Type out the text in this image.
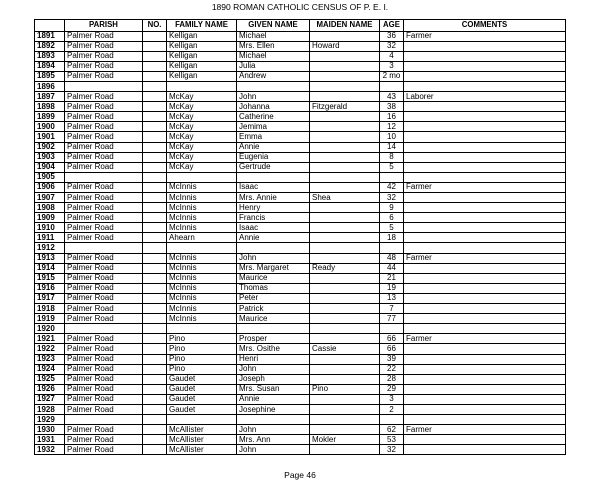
1890 ROMAN CATHOLIC CENSUS OF P. E. I.
	PARISH	NO.	FAMILY NAME	GIVEN NAME	MAIDEN NAME	AGE	COMMENTS
1891	Palmer Road		Kelligan	Michael		36	Farmer
1892	Palmer Road		Kelligan	Mrs. Ellen	Howard	32	
1893	Palmer Road		Kelligan	Michael		4	
1894	Palmer Road		Kelligan	Julia		3	
1895	Palmer Road		Kelligan	Andrew		2 mo	
1896							
1897	Palmer Road		McKay	John		43	Laborer
1898	Palmer Road		McKay	Johanna	Fitzgerald	38	
1899	Palmer Road		McKay	Catherine		16	
1900	Palmer Road		McKay	Jemima		12	
1901	Palmer Road		McKay	Emma		10	
1902	Palmer Road		McKay	Annie		14	
1903	Palmer Road		McKay	Eugenia		8	
1904	Palmer Road		McKay	Gertrude		5	
1905							
1906	Palmer Road		McInnis	Isaac		42	Farmer
1907	Palmer Road		McInnis	Mrs. Annie	Shea	32	
1908	Palmer Road		McInnis	Henry		9	
1909	Palmer Road		McInnis	Francis		6	
1910	Palmer Road		McInnis	Isaac		5	
1911	Palmer Road		Ahearn	Annie		18	
1912							
1913	Palmer Road		McInnis	John		48	Farmer
1914	Palmer Road		McInnis	Mrs. Margaret	Ready	44	
1915	Palmer Road		McInnis	Maurice		21	
1916	Palmer Road		McInnis	Thomas		19	
1917	Palmer Road		McInnis	Peter		13	
1918	Palmer Road		McInnis	Patrick		7	
1919	Palmer Road		McInnis	Maurice		77	
1920							
1921	Palmer Road		Pino	Prosper		66	Farmer
1922	Palmer Road		Pino	Mrs. Osithe	Cassie	66	
1923	Palmer Road		Pino	Henri		39	
1924	Palmer Road		Pino	John		22	
1925	Palmer Road		Gaudet	Joseph		28	
1926	Palmer Road		Gaudet	Mrs. Susan	Pino	29	
1927	Palmer Road		Gaudet	Annie		3	
1928	Palmer Road		Gaudet	Josephine		2	
1929							
1930	Palmer Road		McAllister	John		62	Farmer
1931	Palmer Road		McAllister	Mrs. Ann	Mokler	53	
1932	Palmer Road		McAllister	John		32	
Page 46
